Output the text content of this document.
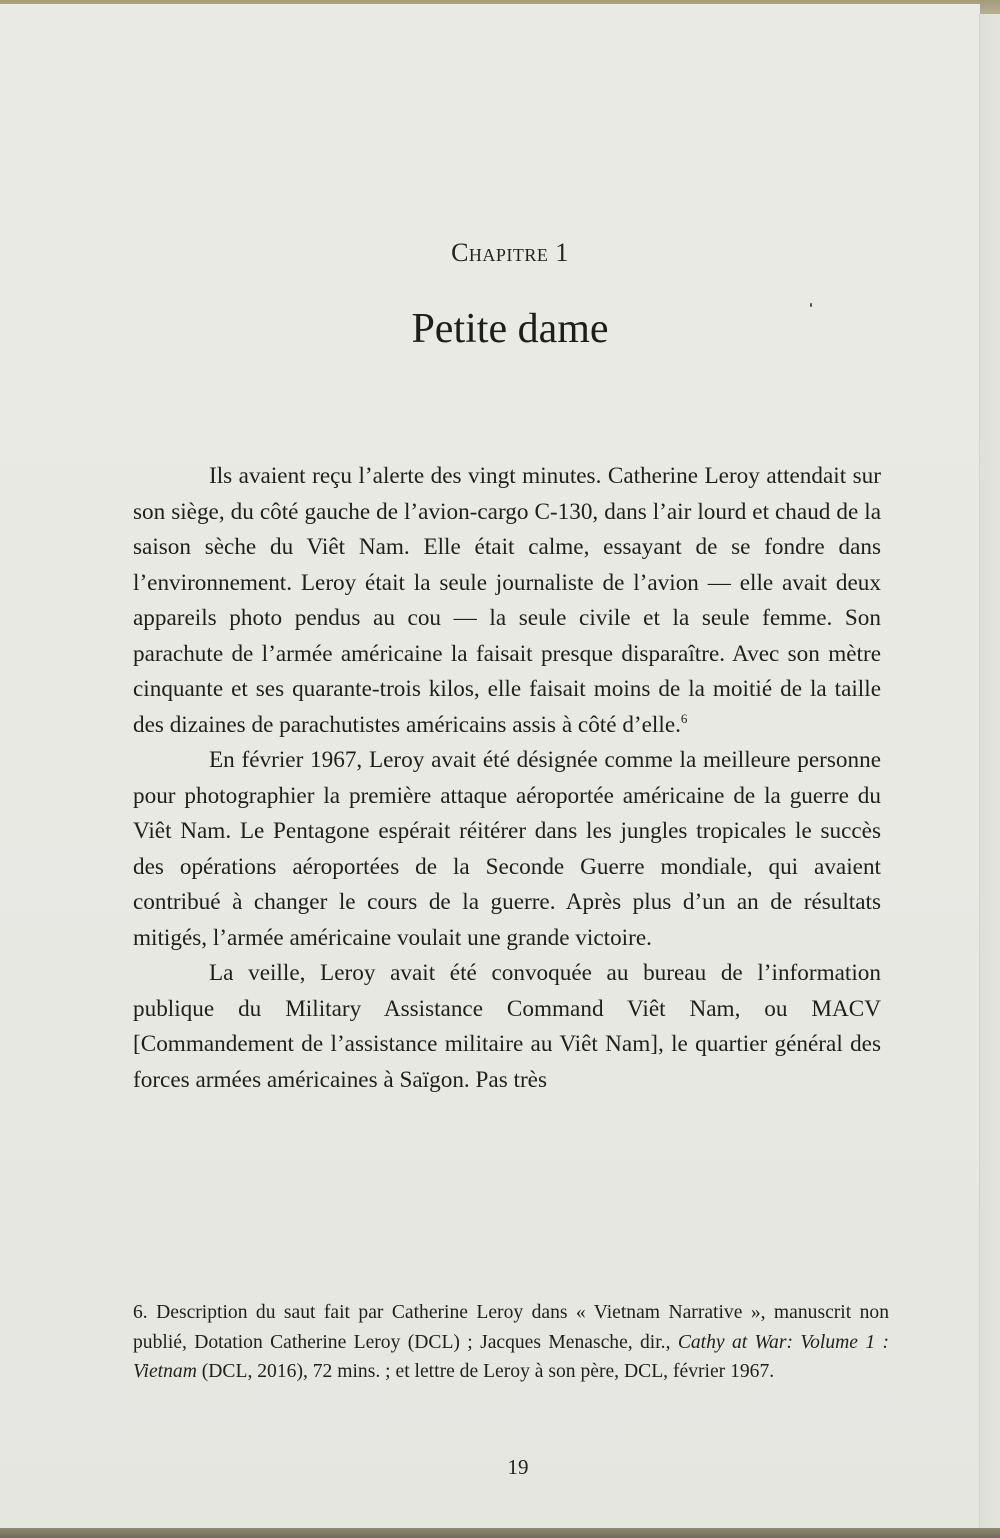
Chapitre 1
Petite dame

Ils avaient reçu l’alerte des vingt minutes. Catherine Leroy attendait sur son siège, du côté gauche de l’avion-cargo C-130, dans l’air lourd et chaud de la saison sèche du Viêt Nam. Elle était calme, essayant de se fondre dans l’environnement. Leroy était la seule journaliste de l’avion — elle avait deux appareils photo pendus au cou — la seule civile et la seule femme. Son parachute de l’armée américaine la faisait presque disparaître. Avec son mètre cinquante et ses quarante-trois kilos, elle faisait moins de la moitié de la taille des dizaines de parachutistes américains assis à côté d’elle.$^6$

En février 1967, Leroy avait été désignée comme la meilleure personne pour photographier la première attaque aéroportée américaine de la guerre du Viêt Nam. Le Pentagone espérait réitérer dans les jungles tropicales le succès des opérations aéroportées de la Seconde Guerre mondiale, qui avaient contribué à changer le cours de la guerre. Après plus d’un an de résultats mitigés, l’armée américaine voulait une grande victoire.

La veille, Leroy avait été convoquée au bureau de l’information publique du Military Assistance Command Viêt Nam, ou MACV [Commandement de l’assistance militaire au Viêt Nam], le quartier général des forces armées américaines à Saïgon. Pas très

6. Description du saut fait par Catherine Leroy dans « Vietnam Narrative », manuscrit non publié, Dotation Catherine Leroy (DCL) ; Jacques Menasche, dir., Cathy at War: Volume 1 : Vietnam (DCL, 2016), 72 mins. ; et lettre de Leroy à son père, DCL, février 1967.

19
